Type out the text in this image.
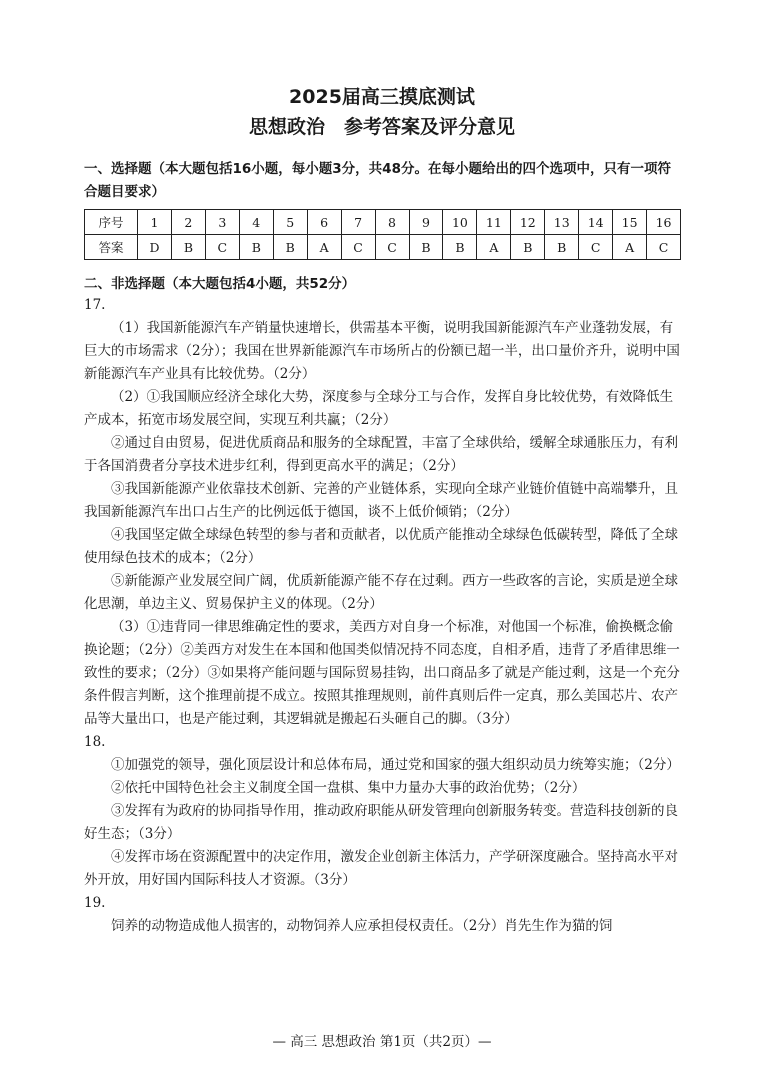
2025届高三摸底测试
思想政治　参考答案及评分意见
一、选择题（本大题包括16小题，每小题3分，共48分。在每小题给出的四个选项中，只有一项符合题目要求）
序号	1	2	3	4	5	6	7	8	9	10	11	12	13	14	15	16
答案	D	B	C	B	B	A	C	C	B	B	A	B	B	C	A	C
二、非选择题（本大题包括4小题，共52分）

17.

（1）我国新能源汽车产销量快速增长，供需基本平衡，说明我国新能源汽车产业蓬勃发展，有巨大的市场需求（2分）；我国在世界新能源汽车市场所占的份额已超一半，出口量价齐升，说明中国新能源汽车产业具有比较优势。（2分）

（2）①我国顺应经济全球化大势，深度参与全球分工与合作，发挥自身比较优势，有效降低生产成本，拓宽市场发展空间，实现互利共赢；（2分）

②通过自由贸易，促进优质商品和服务的全球配置，丰富了全球供给，缓解全球通胀压力，有利于各国消费者分享技术进步红利，得到更高水平的满足；（2分）

③我国新能源产业依靠技术创新、完善的产业链体系，实现向全球产业链价值链中高端攀升，且我国新能源汽车出口占生产的比例远低于德国，谈不上低价倾销；（2分）

④我国坚定做全球绿色转型的参与者和贡献者，以优质产能推动全球绿色低碳转型，降低了全球使用绿色技术的成本；（2分）

⑤新能源产业发展空间广阔，优质新能源产能不存在过剩。西方一些政客的言论，实质是逆全球化思潮，单边主义、贸易保护主义的体现。（2分）

（3）①违背同一律思维确定性的要求，美西方对自身一个标准，对他国一个标准，偷换概念偷换论题；（2分）②美西方对发生在本国和他国类似情况持不同态度，自相矛盾，违背了矛盾律思维一致性的要求；（2分）③如果将产能问题与国际贸易挂钩，出口商品多了就是产能过剩，这是一个充分条件假言判断，这个推理前提不成立。按照其推理规则，前件真则后件一定真，那么美国芯片、农产品等大量出口，也是产能过剩，其逻辑就是搬起石头砸自己的脚。（3分）

18.

①加强党的领导，强化顶层设计和总体布局，通过党和国家的强大组织动员力统筹实施；（2分）

②依托中国特色社会主义制度全国一盘棋、集中力量办大事的政治优势；（2分）

③发挥有为政府的协同指导作用，推动政府职能从研发管理向创新服务转变。营造科技创新的良好生态；（3分）

④发挥市场在资源配置中的决定作用，激发企业创新主体活力，产学研深度融合。坚持高水平对外开放，用好国内国际科技人才资源。（3分）

19.

饲养的动物造成他人损害的，动物饲养人应承担侵权责任。（2分）肖先生作为猫的饲

— 高三 思想政治 第1页（共2页）—
